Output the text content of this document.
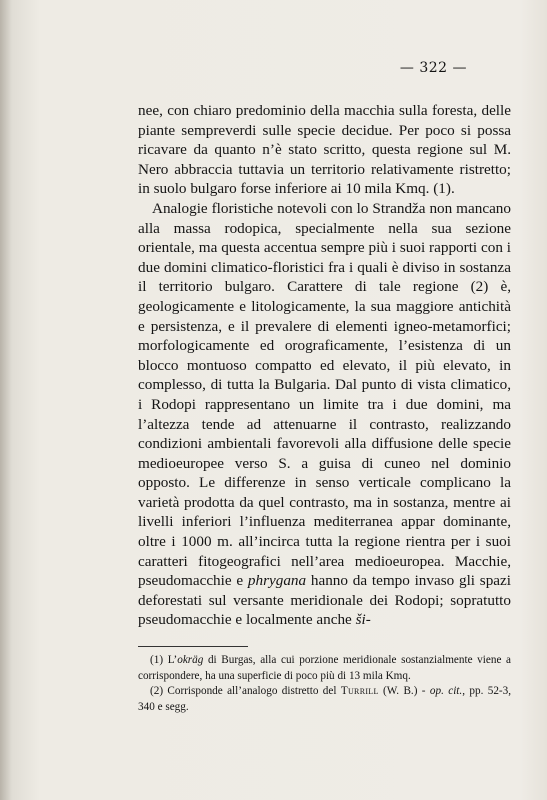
— 322 —

nee, con chiaro predominio della macchia sulla foresta, delle piante sempreverdi sulle specie decidue. Per poco si possa ricavare da quanto n’è stato scritto, questa regione sul M. Nero abbraccia tuttavia un territorio relativamente ristretto; in suolo bulgaro forse inferiore ai 10 mila Kmq. (1).

Analogie floristiche notevoli con lo Strandža non mancano alla massa rodopica, specialmente nella sua sezione orientale, ma questa accentua sempre più i suoi rapporti con i due domini climatico-floristici fra i quali è diviso in sostanza il territorio bulgaro. Carattere di tale regione (2) è, geologicamente e litologicamente, la sua maggiore antichità e persistenza, e il prevalere di elementi igneo-metamorfici; morfologicamente ed orograficamente, l’esistenza di un blocco montuoso compatto ed elevato, il più elevato, in complesso, di tutta la Bulgaria. Dal punto di vista climatico, i Rodopi rappresentano un limite tra i due domini, ma l’altezza tende ad attenuarne il contrasto, realizzando condizioni ambientali favorevoli alla diffusione delle specie medioeuropee verso S. a guisa di cuneo nel dominio opposto. Le differenze in senso verticale complicano la varietà prodotta da quel contrasto, ma in sostanza, mentre ai livelli inferiori l’influenza mediterranea appar dominante, oltre i 1000 m. all’incirca tutta la regione rientra per i suoi caratteri fitogeografici nell’area medioeuropea. Macchie, pseudomacchie e phrygana hanno da tempo invaso gli spazi deforestati sul versante meridionale dei Rodopi; sopratutto pseudomacchie e localmente anche ši-

(1) L’okräg di Burgas, alla cui porzione meridionale sostanzialmente viene a corrispondere, ha una superficie di poco più di 13 mila Kmq.

(2) Corrisponde all’analogo distretto del Turrill (W. B.) - op. cit., pp. 52-3, 340 e segg.
